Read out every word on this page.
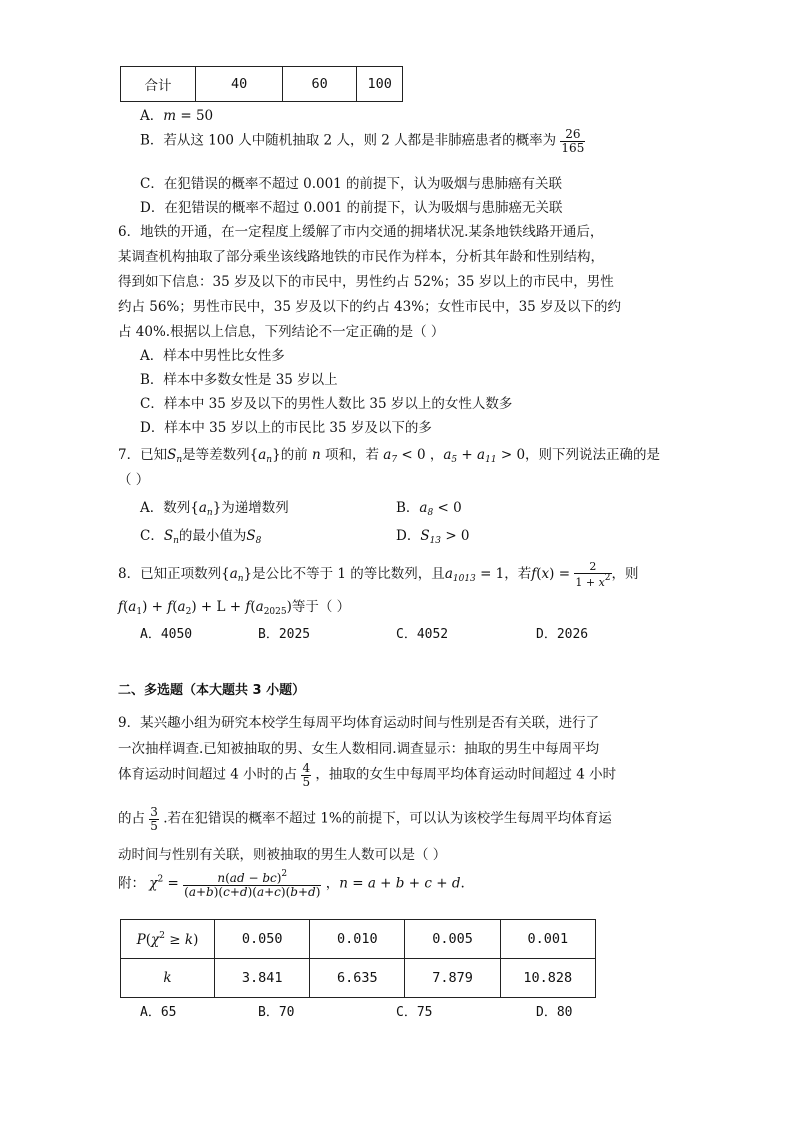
合计	40	60	100
A．m = 50
B．若从这 100 人中随机抽取 2 人，则 2 人都是非肺癌患者的概率为 $\frac{26}{165}$
C．在犯错误的概率不超过 0.001 的前提下，认为吸烟与患肺癌有关联
D．在犯错误的概率不超过 0.001 的前提下，认为吸烟与患肺癌无关联
6．地铁的开通，在一定程度上缓解了市内交通的拥堵状况.某条地铁线路开通后，
某调查机构抽取了部分乘坐该线路地铁的市民作为样本，分析其年龄和性别结构，
得到如下信息：35 岁及以下的市民中，男性约占 52%；35 岁以上的市民中，男性
约占 56%；男性市民中，35 岁及以下的约占 43%；女性市民中，35 岁及以下的约
占 40%.根据以上信息，下列结论不一定正确的是（ ）
A．样本中男性比女性多
B．样本中多数女性是 35 岁以上
C．样本中 35 岁及以下的男性人数比 35 岁以上的女性人数多
D．样本中 35 岁以上的市民比 35 岁及以下的多
7．已知$S_n$是等差数列$\{a_n\}$的前 n 项和，若 $a_7 < 0$ ，$a_5 + a_{11} > 0$，则下列说法正确的是
（ ）
A．数列$\{a_n\}$为递增数列	B．$a_8 < 0$
C．$S_n$的最小值为$S_8$	D．$S_{13} > 0$
8．已知正项数列$\{a_n\}$是公比不等于 1 的等比数列，且$a_{1013} = 1$，若$f(x) = \frac{2}{1 + x^2}$ ，则
$f(a_1) + f(a_2) + L + f(a_{2025})$等于（ ）
A．4050	B．2025	C．4052	D．2026
二、多选题（本大题共 3 小题）
9．某兴趣小组为研究本校学生每周平均体育运动时间与性别是否有关联，进行了
一次抽样调查.已知被抽取的男、女生人数相同.调查显示：抽取的男生中每周平均
体育运动时间超过 4 小时的占 $\frac{4}{5}$ ，抽取的女生中每周平均体育运动时间超过 4 小时
的占 $\frac{3}{5}$ .若在犯错误的概率不超过 1%的前提下，可以认为该校学生每周平均体育运
动时间与性别有关联，则被抽取的男生人数可以是（ ）
附： $\chi^2 = \frac{n(ad - bc)^2}{(a+b)(c+d)(a+c)(b+d)}$ ，n = a + b + c + d.
$P(\chi^2 \ge k)$	0.050	0.010	0.005	0.001
k	3.841	6.635	7.879	10.828
A．65	B．70	C．75	D．80
